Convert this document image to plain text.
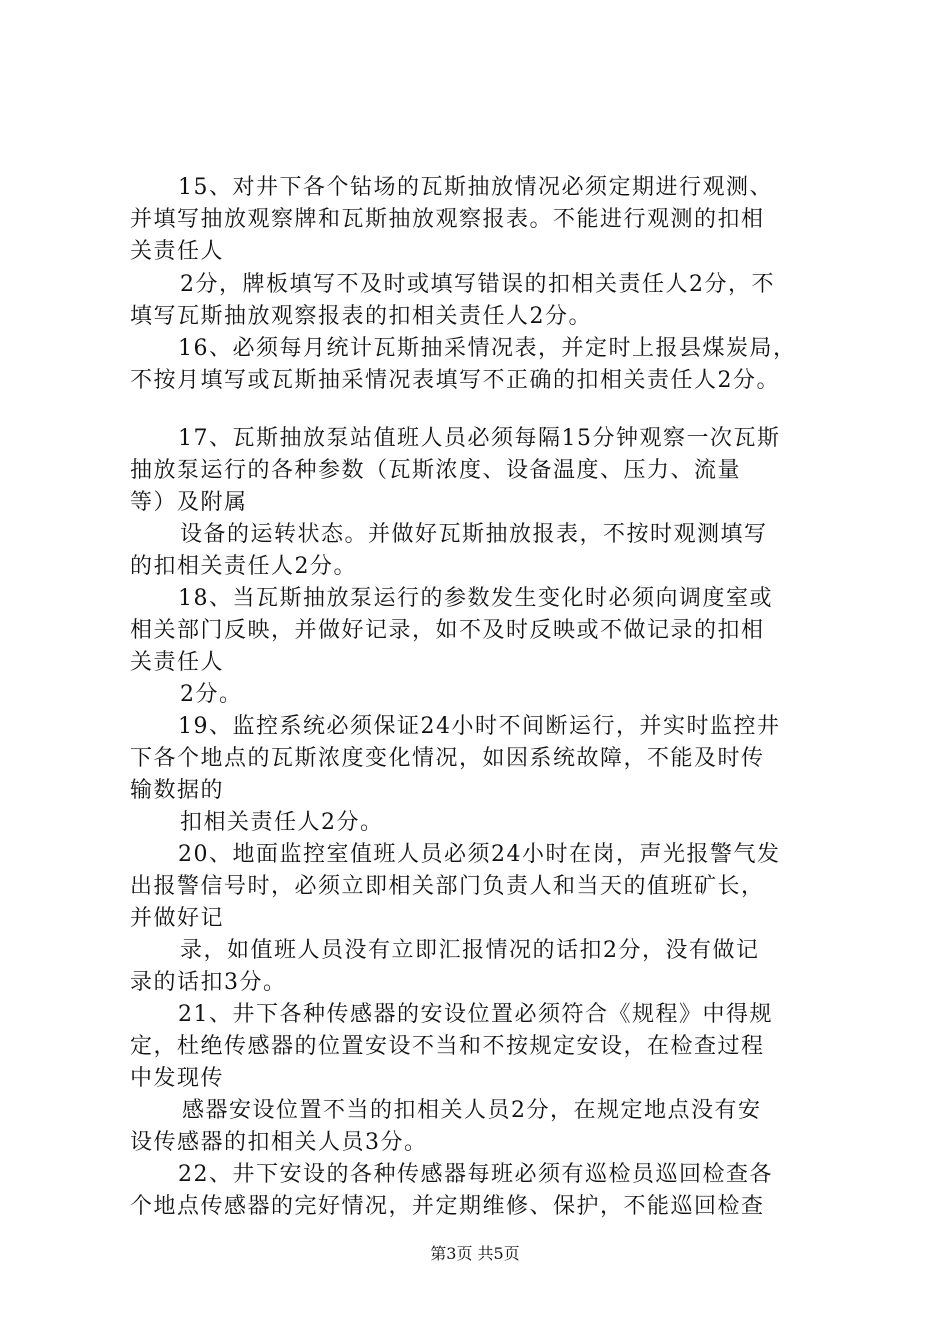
15、对井下各个钻场的瓦斯抽放情况必须定期进行观测、
并填写抽放观察牌和瓦斯抽放观察报表。不能进行观测的扣相
关责任人
2分，牌板填写不及时或填写错误的扣相关责任人2分，不
填写瓦斯抽放观察报表的扣相关责任人2分。
16、必须每月统计瓦斯抽采情况表，并定时上报县煤炭局，
不按月填写或瓦斯抽采情况表填写不正确的扣相关责任人2分。
17、瓦斯抽放泵站值班人员必须每隔15分钟观察一次瓦斯
抽放泵运行的各种参数（瓦斯浓度、设备温度、压力、流量
等）及附属
设备的运转状态。并做好瓦斯抽放报表，不按时观测填写
的扣相关责任人2分。
18、当瓦斯抽放泵运行的参数发生变化时必须向调度室或
相关部门反映，并做好记录，如不及时反映或不做记录的扣相
关责任人
2分。
19、监控系统必须保证24小时不间断运行，并实时监控井
下各个地点的瓦斯浓度变化情况，如因系统故障，不能及时传
输数据的
扣相关责任人2分。
20、地面监控室值班人员必须24小时在岗，声光报警气发
出报警信号时，必须立即相关部门负责人和当天的值班矿长，
并做好记
录，如值班人员没有立即汇报情况的话扣2分，没有做记
录的话扣3分。
21、井下各种传感器的安设位置必须符合《规程》中得规
定，杜绝传感器的位置安设不当和不按规定安设，在检查过程
中发现传
感器安设位置不当的扣相关人员2分，在规定地点没有安
设传感器的扣相关人员3分。
22、井下安设的各种传感器每班必须有巡检员巡回检查各
个地点传感器的完好情况，并定期维修、保护，不能巡回检查
第3页 共5页
